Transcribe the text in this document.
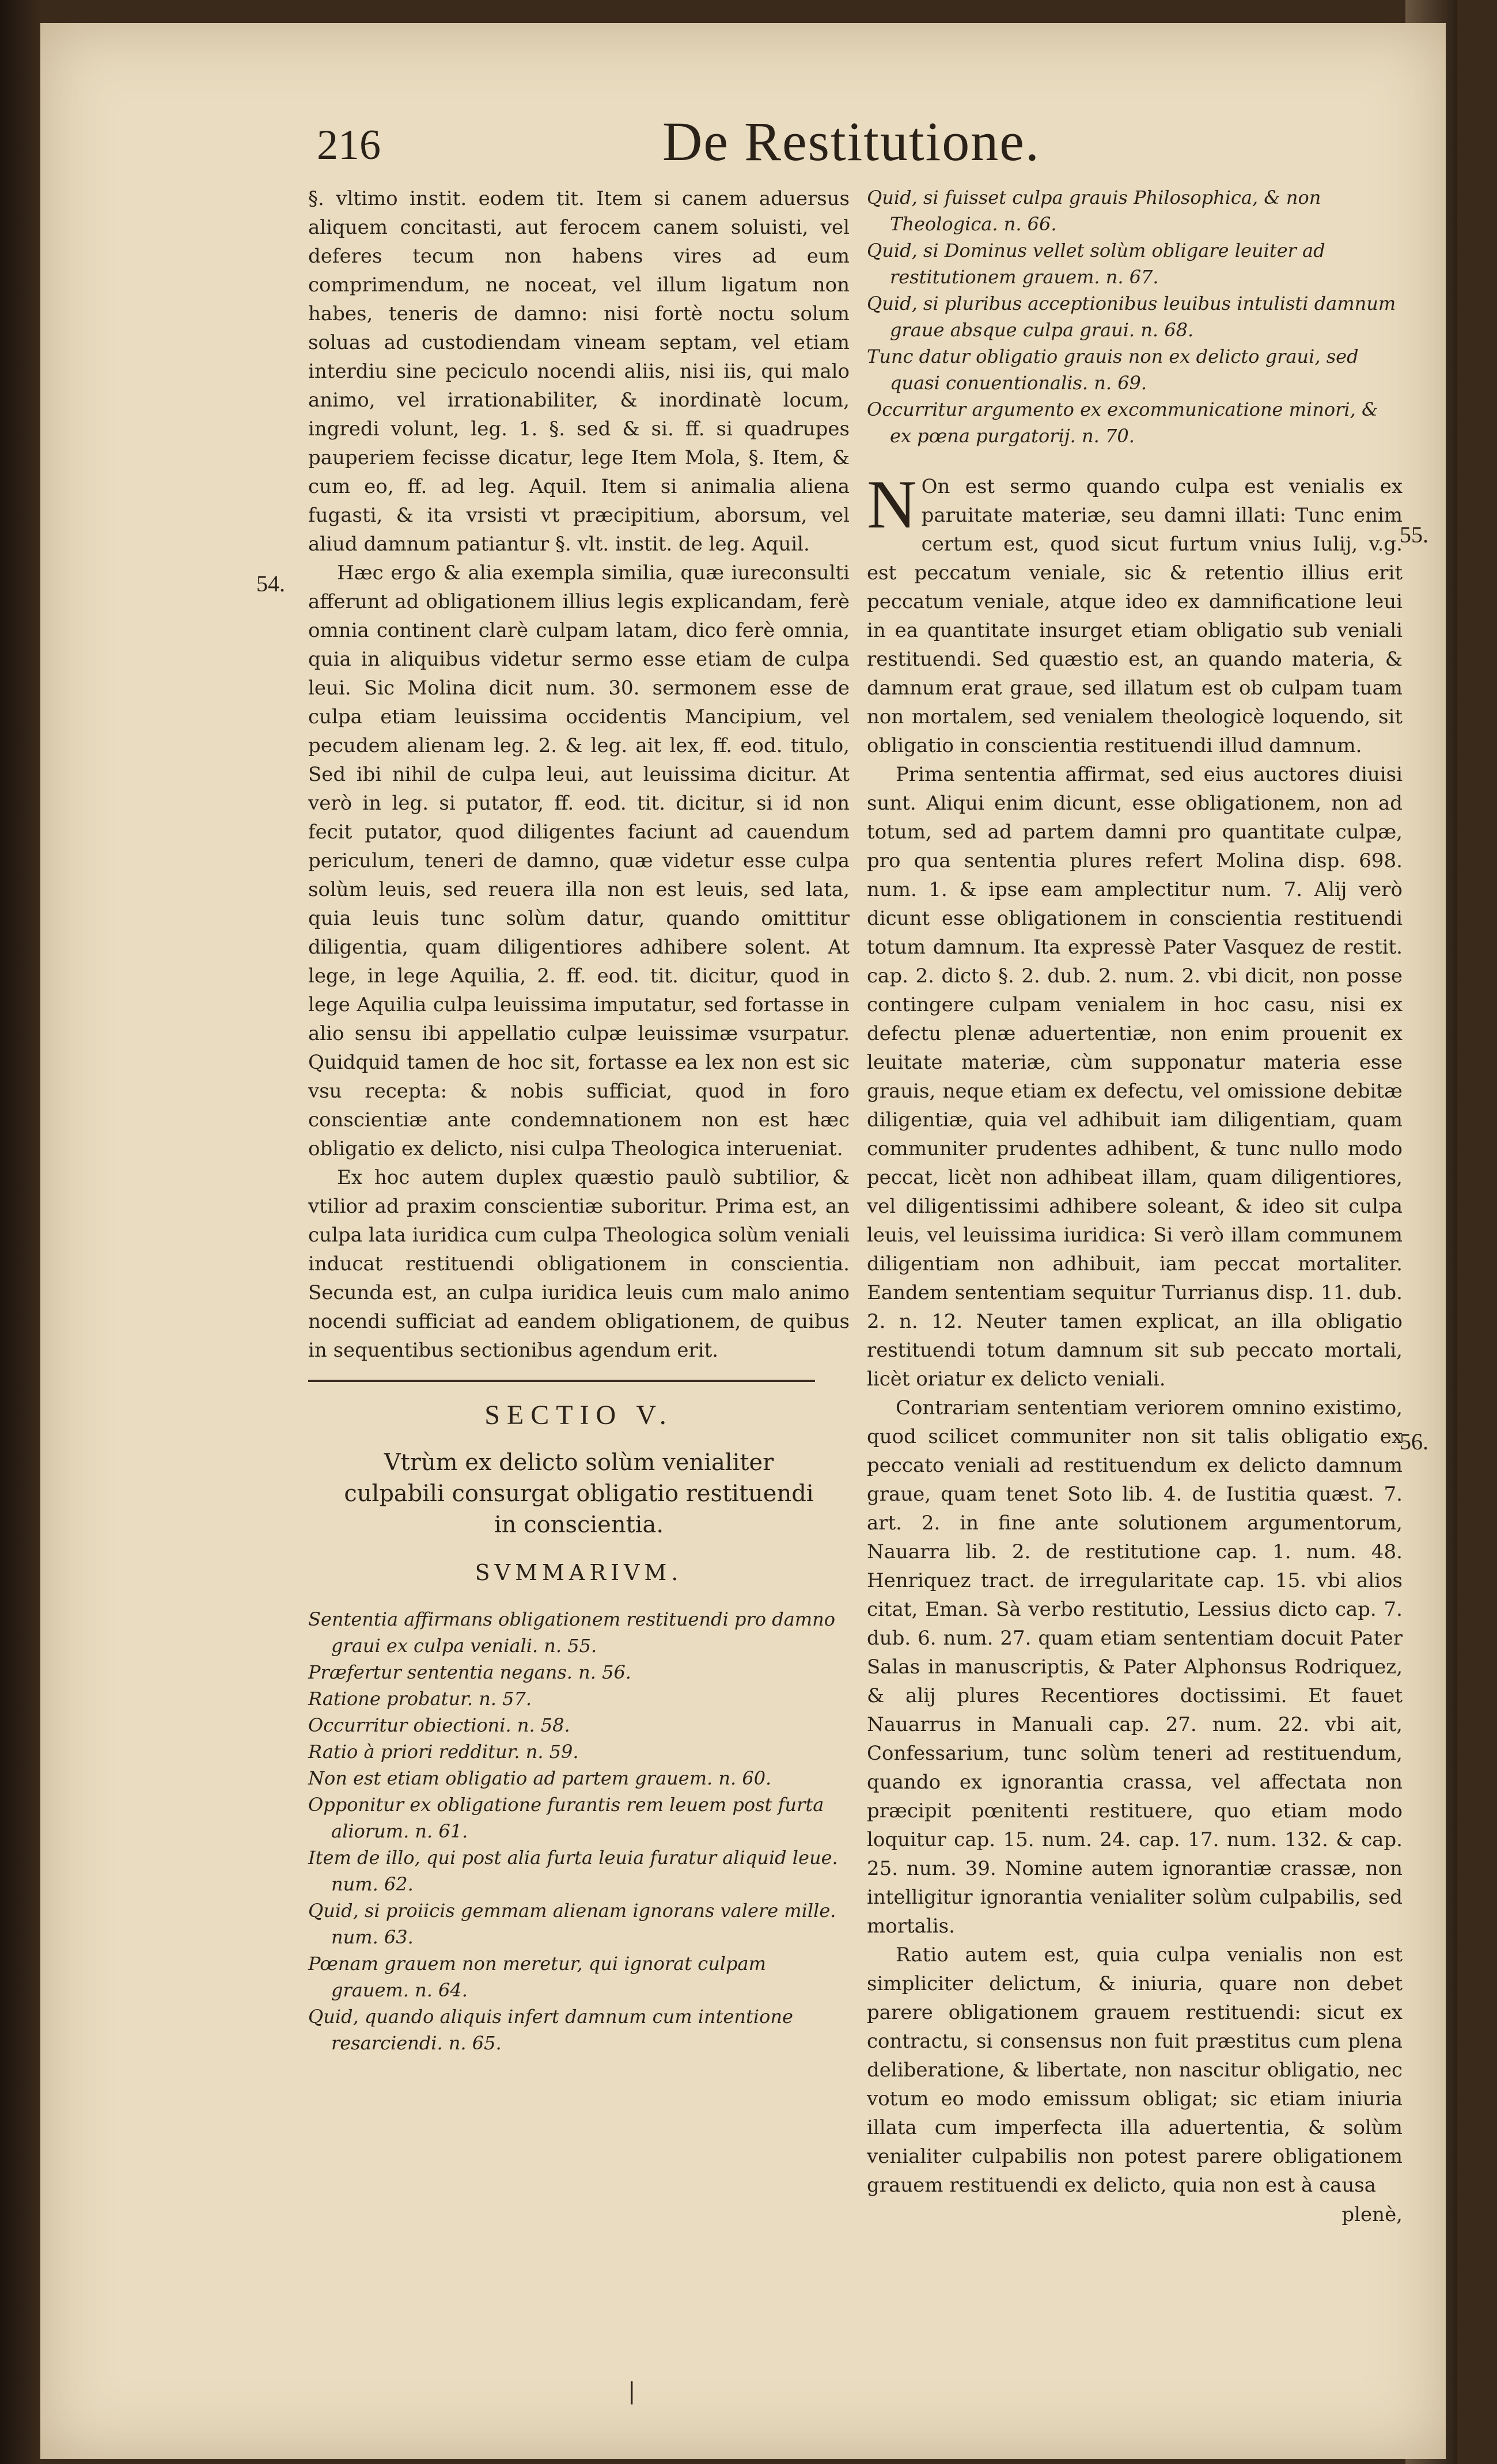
216	De Restitutione.
54.
55.
56.

§. vltimo instit. eodem tit. Item si canem aduersus aliquem concitasti, aut ferocem canem soluisti, vel deferes tecum non habens vires ad eum comprimendum, ne noceat, vel illum ligatum non habes, teneris de damno: nisi fortè noctu solum soluas ad custodiendam vineam septam, vel etiam interdiu sine peciculo nocendi aliis, nisi iis, qui malo animo, vel irrationabiliter, & inordinatè locum, ingredi volunt, leg. 1. §. sed & si. ff. si quadrupes pauperiem fecisse dicatur, lege Item Mola, §. Item, & cum eo, ff. ad leg. Aquil. Item si animalia aliena fugasti, & ita vrsisti vt præcipitium, aborsum, vel aliud damnum patiantur §. vlt. instit. de leg. Aquil.

Hæc ergo & alia exempla similia, quæ iureconsulti afferunt ad obligationem illius legis explicandam, ferè omnia continent clarè culpam latam, dico ferè omnia, quia in aliquibus videtur sermo esse etiam de culpa leui. Sic Molina dicit num. 30. sermonem esse de culpa etiam leuissima occidentis Mancipium, vel pecudem alienam leg. 2. & leg. ait lex, ff. eod. titulo, Sed ibi nihil de culpa leui, aut leuissima dicitur. At verò in leg. si putator, ff. eod. tit. dicitur, si id non fecit putator, quod diligentes faciunt ad cauendum periculum, teneri de damno, quæ videtur esse culpa solùm leuis, sed reuera illa non est leuis, sed lata, quia leuis tunc solùm datur, quando omittitur diligentia, quam diligentiores adhibere solent. At lege, in lege Aquilia, 2. ff. eod. tit. dicitur, quod in lege Aquilia culpa leuissima imputatur, sed fortasse in alio sensu ibi appellatio culpæ leuissimæ vsurpatur. Quidquid tamen de hoc sit, fortasse ea lex non est sic vsu recepta: & nobis sufficiat, quod in foro conscientiæ ante condemnationem non est hæc obligatio ex delicto, nisi culpa Theologica interueniat.

Ex hoc autem duplex quæstio paulò subtilior, & vtilior ad praxim conscientiæ suboritur. Prima est, an culpa lata iuridica cum culpa Theologica solùm veniali inducat restituendi obligationem in conscientia. Secunda est, an culpa iuridica leuis cum malo animo nocendi sufficiat ad eandem obligationem, de quibus in sequentibus sectionibus agendum erit.

SECTIO V.
Vtrùm ex delicto solùm venialiter culpabili consurgat obligatio restituendi in conscientia.
SVMMARIVM.

Sententia affirmans obligationem restituendi pro damno graui ex culpa veniali. n. 55.

Præfertur sententia negans. n. 56.

Ratione probatur. n. 57.

Occurritur obiectioni. n. 58.

Ratio à priori redditur. n. 59.

Non est etiam obligatio ad partem grauem. n. 60.

Opponitur ex obligatione furantis rem leuem post furta aliorum. n. 61.

Item de illo, qui post alia furta leuia furatur aliquid leue. num. 62.

Quid, si proiicis gemmam alienam ignorans valere mille. num. 63.

Pœnam grauem non meretur, qui ignorat culpam grauem. n. 64.

Quid, quando aliquis infert damnum cum intentione resarciendi. n. 65.

Quid, si fuisset culpa grauis Philosophica, & non Theologica. n. 66.

Quid, si Dominus vellet solùm obligare leuiter ad restitutionem grauem. n. 67.

Quid, si pluribus acceptionibus leuibus intulisti damnum graue absque culpa graui. n. 68.

Tunc datur obligatio grauis non ex delicto graui, sed quasi conuentionalis. n. 69.

Occurritur argumento ex excommunicatione minori, & ex pœna purgatorij. n. 70.

N On est sermo quando culpa est venialis ex paruitate materiæ, seu damni illati: Tunc enim certum est, quod sicut furtum vnius Iulij, v.g. est peccatum veniale, sic & retentio illius erit peccatum veniale, atque ideo ex damnificatione leui in ea quantitate insurget etiam obligatio sub veniali restituendi. Sed quæstio est, an quando materia, & damnum erat graue, sed illatum est ob culpam tuam non mortalem, sed venialem theologicè loquendo, sit obligatio in conscientia restituendi illud damnum.

Prima sententia affirmat, sed eius auctores diuisi sunt. Aliqui enim dicunt, esse obligationem, non ad totum, sed ad partem damni pro quantitate culpæ, pro qua sententia plures refert Molina disp. 698. num. 1. & ipse eam amplectitur num. 7. Alij verò dicunt esse obligationem in conscientia restituendi totum damnum. Ita expressè Pater Vasquez de restit. cap. 2. dicto §. 2. dub. 2. num. 2. vbi dicit, non posse contingere culpam venialem in hoc casu, nisi ex defectu plenæ aduertentiæ, non enim prouenit ex leuitate materiæ, cùm supponatur materia esse grauis, neque etiam ex defectu, vel omissione debitæ diligentiæ, quia vel adhibuit iam diligentiam, quam communiter prudentes adhibent, & tunc nullo modo peccat, licèt non adhibeat illam, quam diligentiores, vel diligentissimi adhibere soleant, & ideo sit culpa leuis, vel leuissima iuridica: Si verò illam communem diligentiam non adhibuit, iam peccat mortaliter. Eandem sententiam sequitur Turrianus disp. 11. dub. 2. n. 12. Neuter tamen explicat, an illa obligatio restituendi totum damnum sit sub peccato mortali, licèt oriatur ex delicto veniali.

Contrariam sententiam veriorem omnino existimo, quod scilicet communiter non sit talis obligatio ex peccato veniali ad restituendum ex delicto damnum graue, quam tenet Soto lib. 4. de Iustitia quæst. 7. art. 2. in fine ante solutionem argumentorum, Nauarra lib. 2. de restitutione cap. 1. num. 48. Henriquez tract. de irregularitate cap. 15. vbi alios citat, Eman. Sà verbo restitutio, Lessius dicto cap. 7. dub. 6. num. 27. quam etiam sententiam docuit Pater Salas in manuscriptis, & Pater Alphonsus Rodriquez, & alij plures Recentiores doctissimi. Et fauet Nauarrus in Manuali cap. 27. num. 22. vbi ait, Confessarium, tunc solùm teneri ad restituendum, quando ex ignorantia crassa, vel affectata non præcipit pœnitenti restituere, quo etiam modo loquitur cap. 15. num. 24. cap. 17. num. 132. & cap. 25. num. 39. Nomine autem ignorantiæ crassæ, non intelligitur ignorantia venialiter solùm culpabilis, sed mortalis.

Ratio autem est, quia culpa venialis non est simpliciter delictum, & iniuria, quare non debet parere obligationem grauem restituendi: sicut ex contractu, si consensus non fuit præstitus cum plena deliberatione, & libertate, non nascitur obligatio, nec votum eo modo emissum obligat; sic etiam iniuria illata cum imperfecta illa aduertentia, & solùm venialiter culpabilis non potest parere obligationem grauem restituendi ex delicto, quia non est à causa

plenè,
|
